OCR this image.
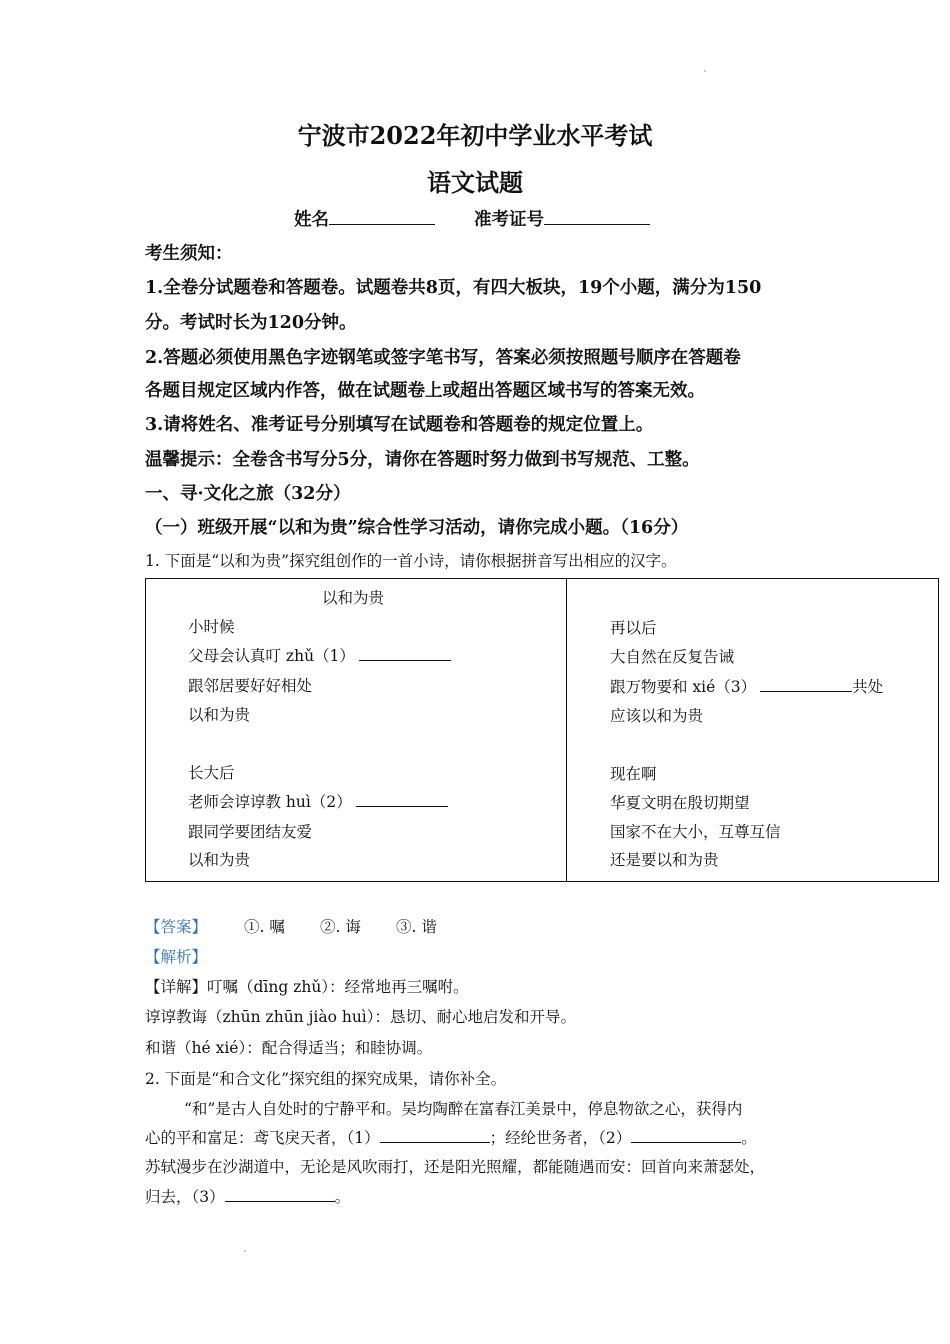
宁波市2022年初中学业水平考试
语文试题
姓名	准考证号
考生须知：
1.全卷分试题卷和答题卷。试题卷共8页，有四大板块，19个小题，满分为150
分。考试时长为120分钟。
2.答题必须使用黑色字迹钢笔或签字笔书写，答案必须按照题号顺序在答题卷
各题目规定区域内作答，做在试题卷上或超出答题区域书写的答案无效。
3.请将姓名、准考证号分别填写在试题卷和答题卷的规定位置上。
温馨提示：全卷含书写分5分，请你在答题时努力做到书写规范、工整。
一、寻·文化之旅（32分）
（一）班级开展“以和为贵”综合性学习活动，请你完成小题。（16分）
1. 下面是“以和为贵”探究组创作的一首小诗，请你根据拼音写出相应的汉字。
以和为贵
小时候
父母会认真叮 zhǔ（1）
跟邻居要好好相处
以和为贵
长大后
老师会谆谆教 huì（2）
跟同学要团结友爱
以和为贵
再以后
大自然在反复告诫
跟万物要和 xié（3）	共处
应该以和为贵
现在啊
华夏文明在殷切期望
国家不在大小，互尊互信
还是要以和为贵
【答案】 ①. 嘱 ②. 诲 ③. 谐
【解析】
【详解】叮嘱（dīng zhǔ）：经常地再三嘱咐。
谆谆教诲（zhūn zhūn jiào huì）：恳切、耐心地启发和开导。
和谐（hé xié）：配合得适当；和睦协调。
2. 下面是“和合文化”探究组的探究成果，请你补全。
“和”是古人自处时的宁静平和。吴均陶醉在富春江美景中，停息物欲之心，获得内
心的平和富足：鸢飞戾天者，（1）	；经纶世务者，（2）	。
苏轼漫步在沙湖道中，无论是风吹雨打，还是阳光照耀，都能随遇而安：回首向来萧瑟处，
归去，（3）	。
